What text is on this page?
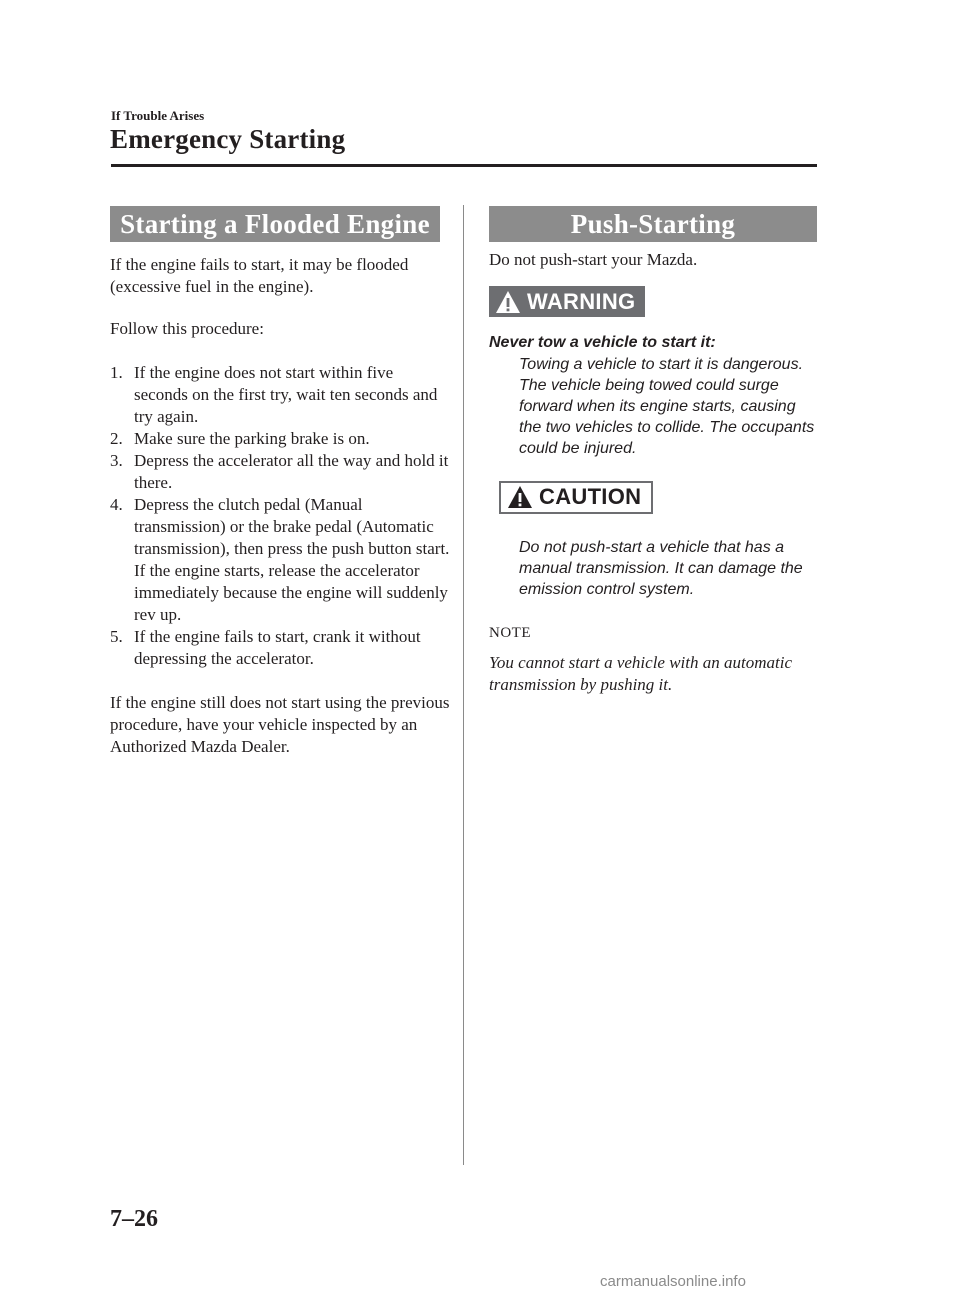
If Trouble Arises
Emergency Starting
Starting a Flooded Engine	Push-Starting

If the engine fails to start, it may be flooded (excessive fuel in the engine).

Follow this procedure:

1. If the engine does not start within five seconds on the first try, wait ten seconds and try again.
2. Make sure the parking brake is on.
3. Depress the accelerator all the way and hold it there.
4. Depress the clutch pedal (Manual transmission) or the brake pedal (Automatic transmission), then press the push button start. If the engine starts, release the accelerator immediately because the engine will suddenly rev up.
5. If the engine fails to start, crank it without depressing the accelerator.

If the engine still does not start using the previous procedure, have your vehicle inspected by an Authorized Mazda Dealer.

Do not push-start your Mazda.

WARNING
Never tow a vehicle to start it:
Towing a vehicle to start it is dangerous. The vehicle being towed could surge forward when its engine starts, causing the two vehicles to collide. The occupants could be injured.
CAUTION
Do not push-start a vehicle that has a manual transmission. It can damage the emission control system.
NOTE
You cannot start a vehicle with an automatic transmission by pushing it.
7–26
carmanualsonline.info
